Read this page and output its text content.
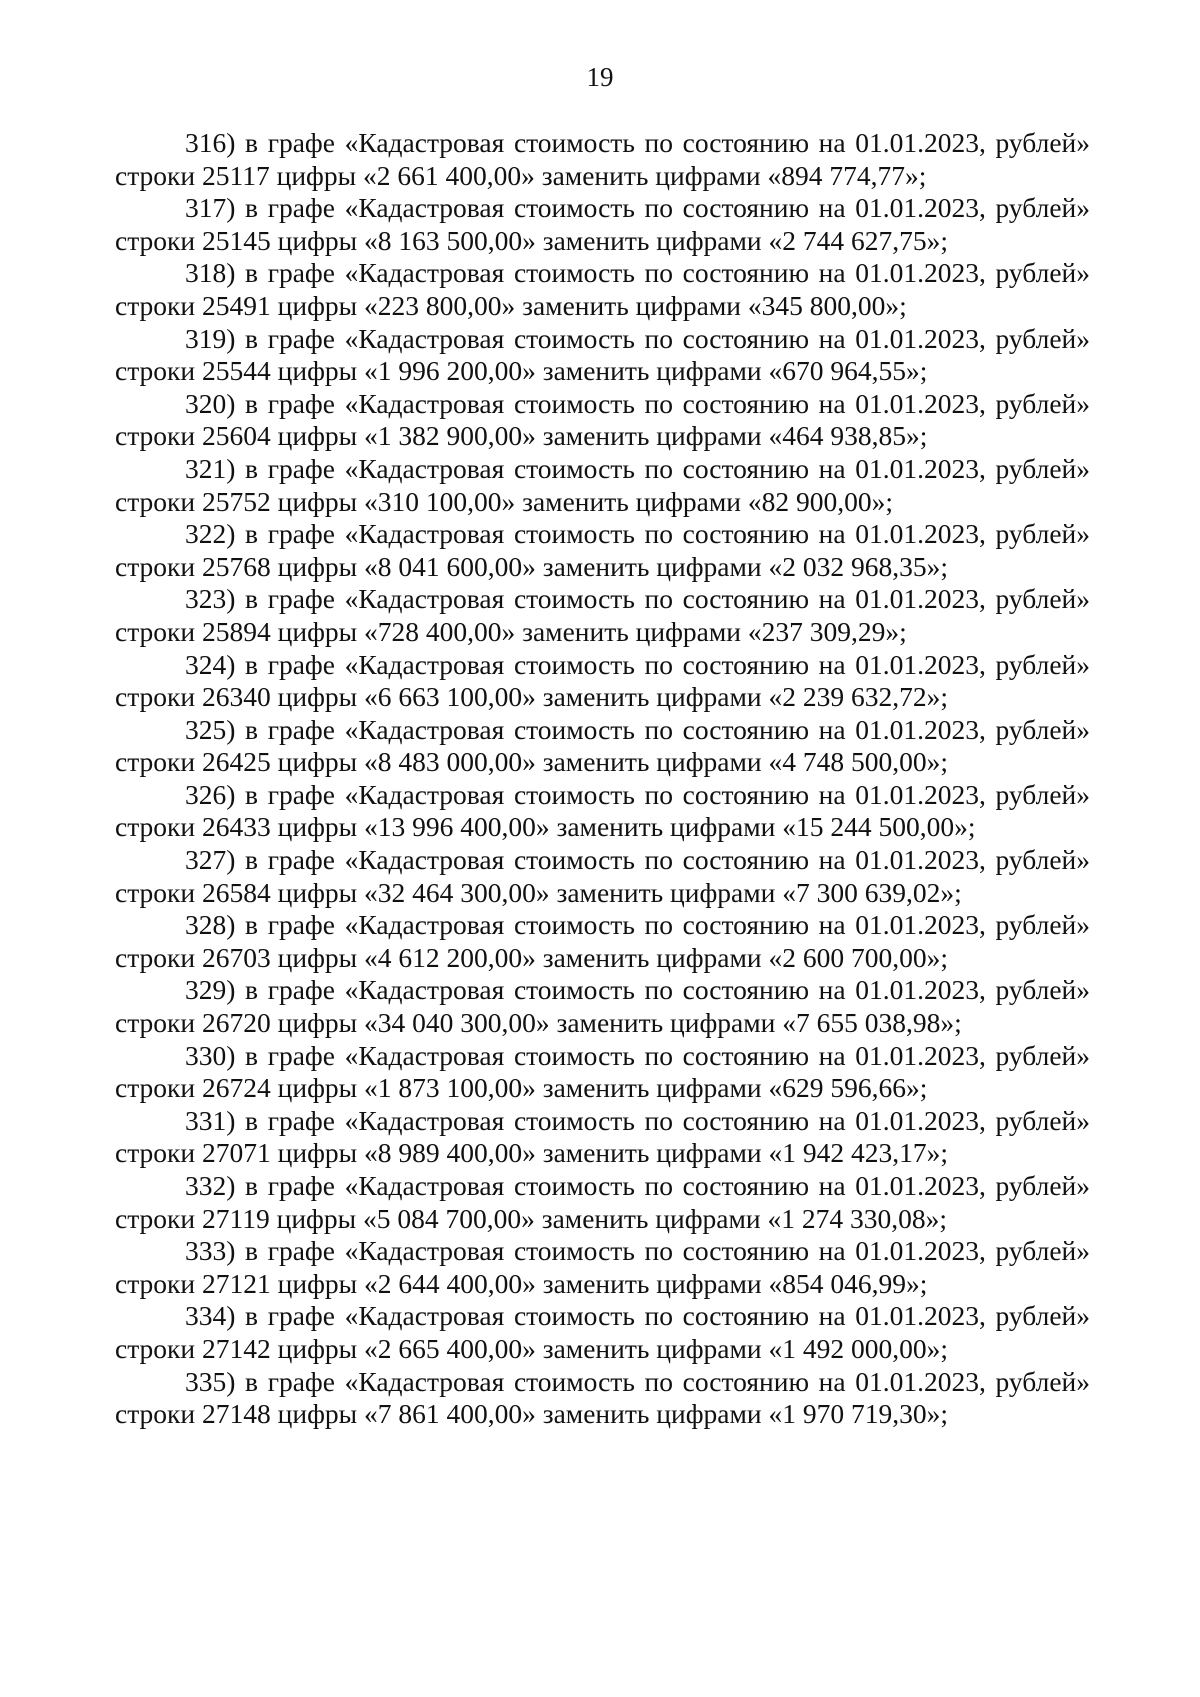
19

316) в графе «Кадастровая стоимость по состоянию на 01.01.2023, рублей» строки 25117 цифры «2 661 400,00» заменить цифрами «894 774,77»;

317) в графе «Кадастровая стоимость по состоянию на 01.01.2023, рублей» строки 25145 цифры «8 163 500,00» заменить цифрами «2 744 627,75»;

318) в графе «Кадастровая стоимость по состоянию на 01.01.2023, рублей» строки 25491 цифры «223 800,00» заменить цифрами «345 800,00»;

319) в графе «Кадастровая стоимость по состоянию на 01.01.2023, рублей» строки 25544 цифры «1 996 200,00» заменить цифрами «670 964,55»;

320) в графе «Кадастровая стоимость по состоянию на 01.01.2023, рублей» строки 25604 цифры «1 382 900,00» заменить цифрами «464 938,85»;

321) в графе «Кадастровая стоимость по состоянию на 01.01.2023, рублей» строки 25752 цифры «310 100,00» заменить цифрами «82 900,00»;

322) в графе «Кадастровая стоимость по состоянию на 01.01.2023, рублей» строки 25768 цифры «8 041 600,00» заменить цифрами «2 032 968,35»;

323) в графе «Кадастровая стоимость по состоянию на 01.01.2023, рублей» строки 25894 цифры «728 400,00» заменить цифрами «237 309,29»;

324) в графе «Кадастровая стоимость по состоянию на 01.01.2023, рублей» строки 26340 цифры «6 663 100,00» заменить цифрами «2 239 632,72»;

325) в графе «Кадастровая стоимость по состоянию на 01.01.2023, рублей» строки 26425 цифры «8 483 000,00» заменить цифрами «4 748 500,00»;

326) в графе «Кадастровая стоимость по состоянию на 01.01.2023, рублей» строки 26433 цифры «13 996 400,00» заменить цифрами «15 244 500,00»;

327) в графе «Кадастровая стоимость по состоянию на 01.01.2023, рублей» строки 26584 цифры «32 464 300,00» заменить цифрами «7 300 639,02»;

328) в графе «Кадастровая стоимость по состоянию на 01.01.2023, рублей» строки 26703 цифры «4 612 200,00» заменить цифрами «2 600 700,00»;

329) в графе «Кадастровая стоимость по состоянию на 01.01.2023, рублей» строки 26720 цифры «34 040 300,00» заменить цифрами «7 655 038,98»;

330) в графе «Кадастровая стоимость по состоянию на 01.01.2023, рублей» строки 26724 цифры «1 873 100,00» заменить цифрами «629 596,66»;

331) в графе «Кадастровая стоимость по состоянию на 01.01.2023, рублей» строки 27071 цифры «8 989 400,00» заменить цифрами «1 942 423,17»;

332) в графе «Кадастровая стоимость по состоянию на 01.01.2023, рублей» строки 27119 цифры «5 084 700,00» заменить цифрами «1 274 330,08»;

333) в графе «Кадастровая стоимость по состоянию на 01.01.2023, рублей» строки 27121 цифры «2 644 400,00» заменить цифрами «854 046,99»;

334) в графе «Кадастровая стоимость по состоянию на 01.01.2023, рублей» строки 27142 цифры «2 665 400,00» заменить цифрами «1 492 000,00»;

335) в графе «Кадастровая стоимость по состоянию на 01.01.2023, рублей» строки 27148 цифры «7 861 400,00» заменить цифрами «1 970 719,30»;
